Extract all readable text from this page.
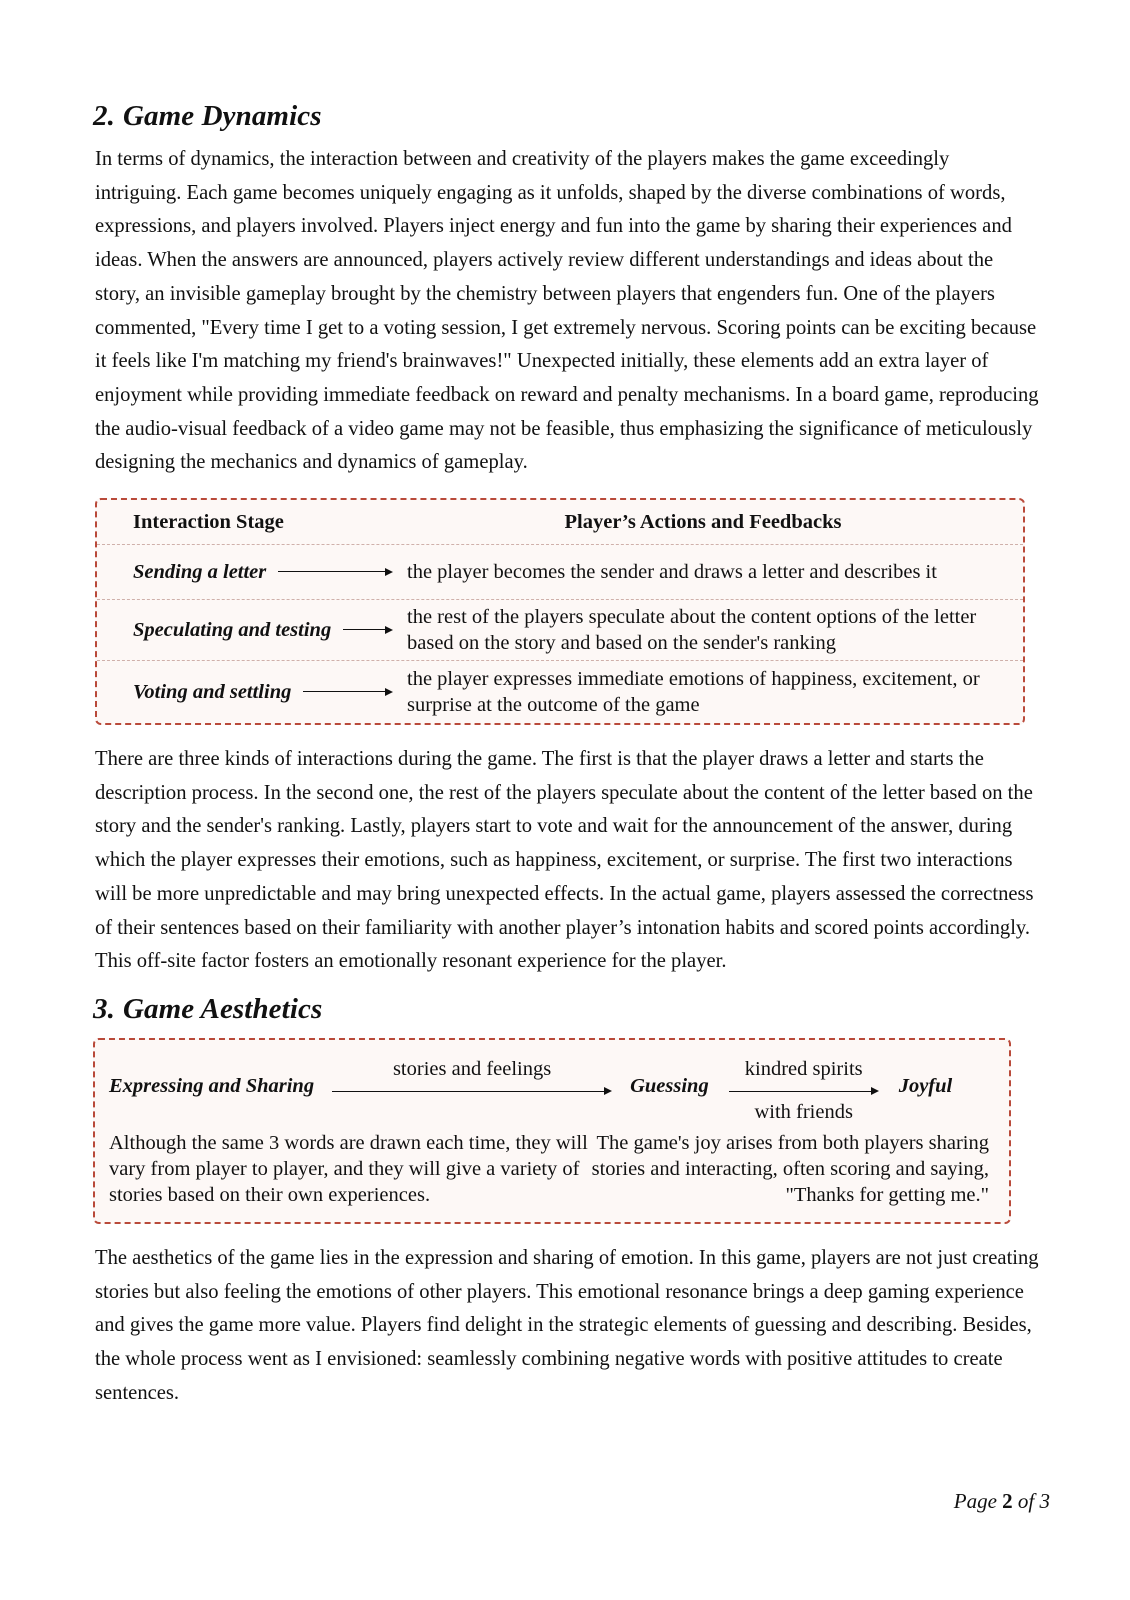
2. Game Dynamics

In terms of dynamics, the interaction between and creativity of the players makes the game exceedingly intriguing. Each game becomes uniquely engaging as it unfolds, shaped by the diverse combinations of words, expressions, and players involved. Players inject energy and fun into the game by sharing their experiences and ideas. When the answers are announced, players actively review different understandings and ideas about the story, an invisible gameplay brought by the chemistry between players that engenders fun. One of the players commented, "Every time I get to a voting session, I get extremely nervous. Scoring points can be exciting because it feels like I'm matching my friend's brainwaves!" Unexpected initially, these elements add an extra layer of enjoyment while providing immediate feedback on reward and penalty mechanisms. In a board game, reproducing the audio-visual feedback of a video game may not be feasible, thus emphasizing the significance of meticulously designing the mechanics and dynamics of gameplay.

Interaction Stage	Player’s Actions and Feedbacks
Sending a letter	the player becomes the sender and draws a letter and describes it
Speculating and testing
the rest of the players speculate about the content options of the letter based on the story and based on the sender's ranking
Voting and settling
the player expresses immediate emotions of happiness, excitement, or surprise at the outcome of the game

There are three kinds of interactions during the game. The first is that the player draws a letter and starts the description process. In the second one, the rest of the players speculate about the content of the letter based on the story and the sender's ranking. Lastly, players start to vote and wait for the announcement of the answer, during which the player expresses their emotions, such as happiness, excitement, or surprise. The first two interactions will be more unpredictable and may bring unexpected effects. In the actual game, players assessed the correctness of their sentences based on their familiarity with another player’s intonation habits and scored points accordingly. This off-site factor fosters an emotionally resonant experience for the player.

3. Game Aesthetics
Expressing and Sharing
stories and feelings
Guessing
kindred spirits
with friends
Joyful
Although the same 3 words are drawn each time, they will vary from player to player, and they will give a variety of stories based on their own experiences.
The game's joy arises from both players sharing stories and interacting, often scoring and saying, "Thanks for getting me."

The aesthetics of the game lies in the expression and sharing of emotion. In this game, players are not just creating stories but also feeling the emotions of other players. This emotional resonance brings a deep gaming experience and gives the game more value. Players find delight in the strategic elements of guessing and describing. Besides, the whole process went as I envisioned: seamlessly combining negative words with positive attitudes to create sentences.

Page 2 of 3
